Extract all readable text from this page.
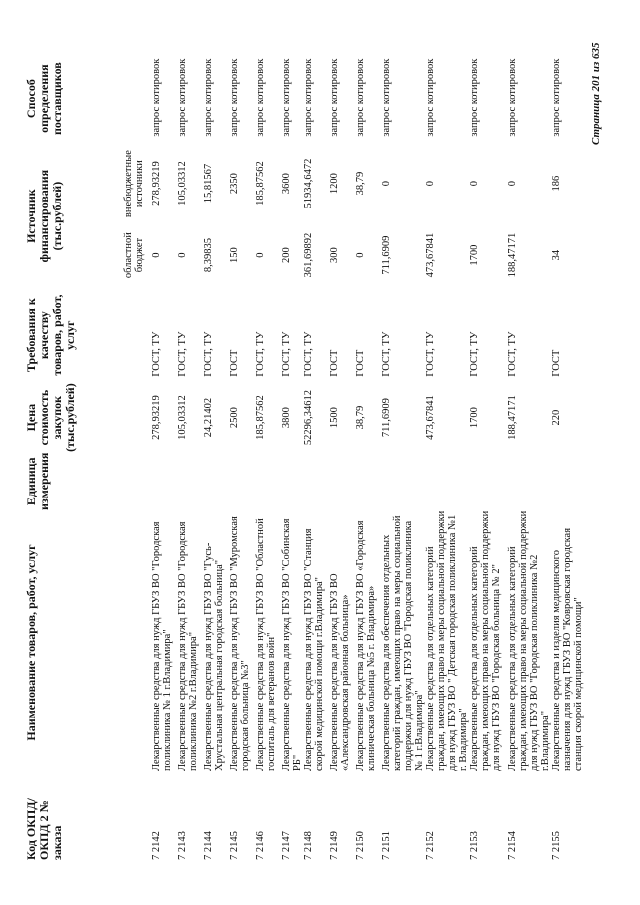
Код ОКПД/ ОКПД 2 № заказа	Наименование товаров, работ, услуг	Единица измерения	Цена стоимость закупок (тыс.рублей)	Требования к качеству товаров, работ, услуг	Источник финансирования (тыс.рублей)		Способ определения поставщиков
					областной бюджет	внебюджетные источники	
7 2142	Лекарственные средства для нужд ГБУЗ ВО "Городская поликлиника № 1 г.Владимира"		278,93219	ГОСТ, ТУ	0	278,93219	запрос котировок
7 2143	Лекарственные средства для нужд ГБУЗ ВО "Городская поликлиника №2 г.Владимира"		105,03312	ГОСТ, ТУ	0	105,03312	запрос котировок
7 2144	Лекарственные средства для нужд ГБУЗ ВО "Гусь-Хрустальная центральная городская больница"		24,21402	ГОСТ, ТУ	8,39835	15,81567	запрос котировок
7 2145	Лекарственные средства для нужд ГБУЗ ВО "Муромская городская больница №3"		2500	ГОСТ	150	2350	запрос котировок
7 2146	Лекарственные средства для нужд ГБУЗ ВО "Областной госпиталь для ветеранов войн"		185,87562	ГОСТ, ТУ	0	185,87562	запрос котировок
7 2147	Лекарственные средства для нужд ГБУЗ ВО "Собинская РБ"		3800	ГОСТ, ТУ	200	3600	запрос котировок
7 2148	Лекарственные средства для нужд ГБУЗ ВО "Станция скорой медицинской помощи г.Владимира"		52296,34612	ГОСТ, ТУ	361,69892	51934,6472	запрос котировок
7 2149	Лекарственные средства для нужд ГБУЗ ВО «Александровская районная больница»		1500	ГОСТ	300	1200	запрос котировок
7 2150	Лекарственные средства для нужд ГБУЗ ВО «Городская клиническая больница №5 г. Владимира»		38,79	ГОСТ	0	38,79	запрос котировок
7 2151	Лекарственные средства для обеспечения отдельных категорий граждан, имеющих право на меры социальной поддержки для нужд ГБУЗ ВО "Городская поликлиника № 1 г.Владимира"		711,6909	ГОСТ, ТУ	711,6909	0	запрос котировок
7 2152	Лекарственные средства для отдельных категорий граждан, имеющих право на меры социальной поддержки для нужд ГБУЗ ВО " Детская городская поликлиника №1 г. Владимира"		473,67841	ГОСТ, ТУ	473,67841	0	запрос котировок
7 2153	Лекарственные средства для отдельных категорий граждан, имеющих право на меры социальной поддержки для нужд ГБУЗ ВО "Городская больница № 2"		1700	ГОСТ, ТУ	1700	0	запрос котировок
7 2154	Лекарственные средства для отдельных категорий граждан, имеющих право на меры социальной поддержки для нужд ГБУЗ ВО "Городская поликлиника №2 г.Владимира"		188,47171	ГОСТ, ТУ	188,47171	0	запрос котировок
7 2155	Лекарственные средства и изделия медицинского назначения для нужд ГБУЗ ВО "Ковровская городская станция скорой медицинской помощи"		220	ГОСТ	34	186	запрос котировок	Страница 201 из 635
